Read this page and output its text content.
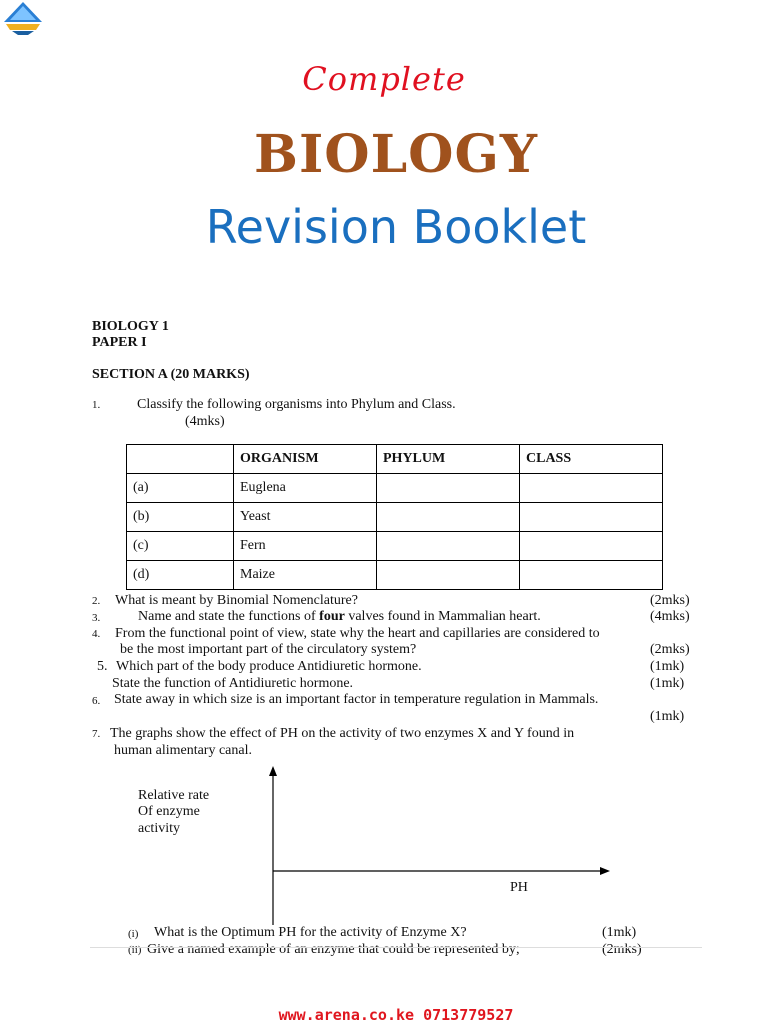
Complete
BIOLOGY
Revision Booklet
BIOLOGY 1
PAPER I
SECTION A (20 MARKS)
1.	Classify the following organisms into Phylum and Class.
(4mks)
	ORGANISM	PHYLUM	CLASS
(a)	Euglena		
(b)	Yeast		
(c)	Fern		
(d)	Maize		
2. What is meant by Binomial Nomenclature?	(2mks)
3.	Name and state the functions of four valves found in Mammalian heart.	(4mks)
4. From the functional point of view, state why the heart and capillaries are considered to
be the most important part of the circulatory system?	(2mks)
5. Which part of the body produce Antidiuretic hormone.	(1mk)
State the function of Antidiuretic hormone.	(1mk)
6. State away in which size is an important factor in temperature regulation in Mammals.
(1mk)
7. The graphs show the effect of PH on the activity of two enzymes X and Y found in
human alimentary canal.
Relative rate
Of enzyme
activity
PH
(i) What is the Optimum PH for the activity of Enzyme X?	(1mk)
(ii) Give a named example of an enzyme that could be represented by;	(2mks)
www.arena.co.ke 0713779527
